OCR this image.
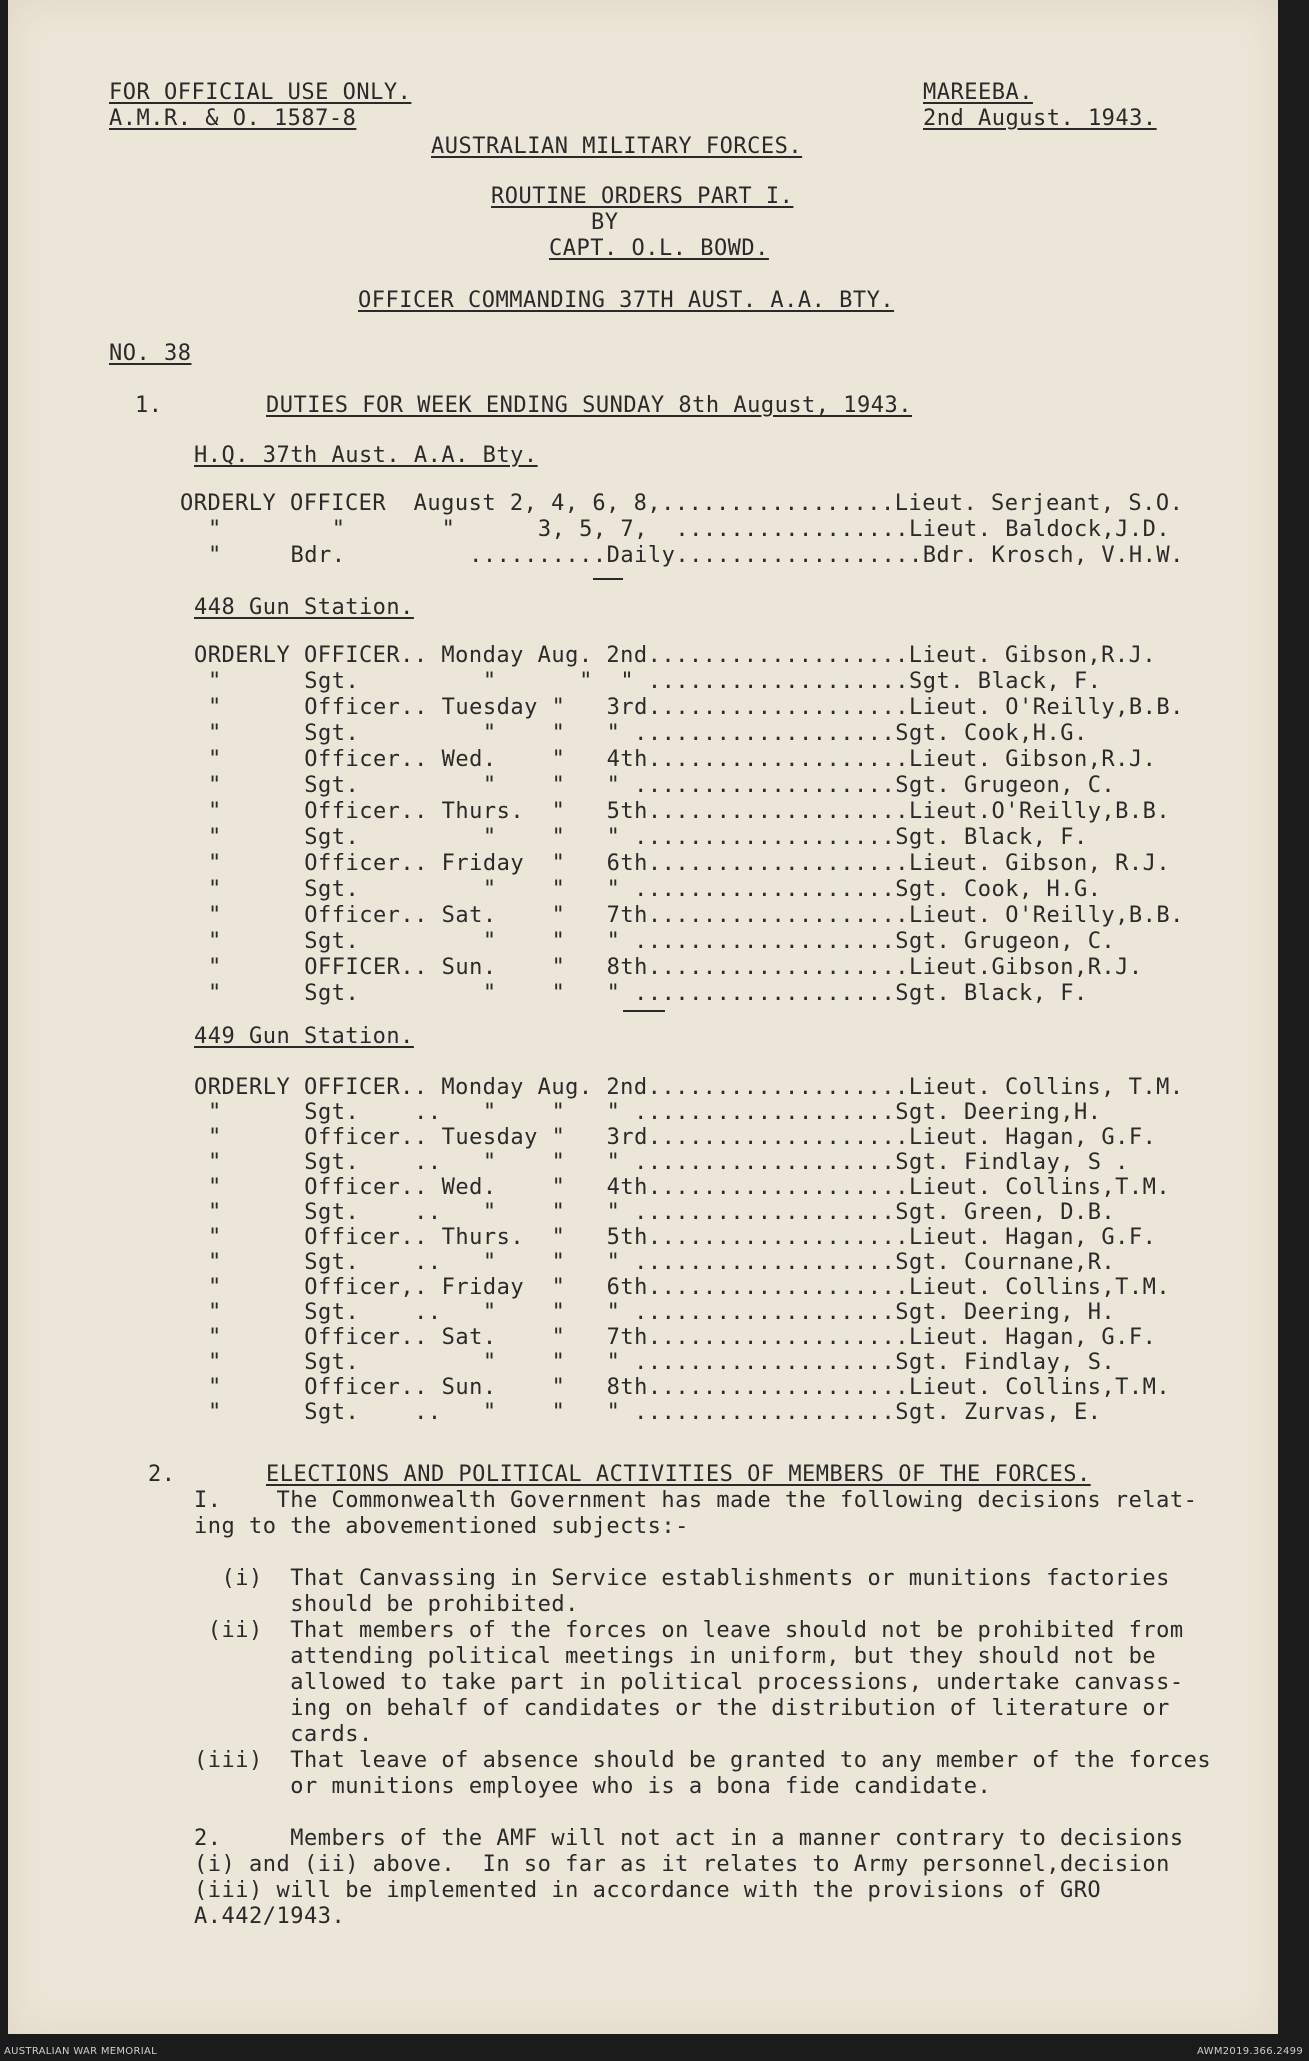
FOR OFFICIAL USE ONLY.
A.M.R. & O. 1587-8
MAREEBA.
2nd August. 1943.
AUSTRALIAN MILITARY FORCES.
ROUTINE ORDERS PART I.
BY
CAPT. O.L. BOWD.
OFFICER COMMANDING 37TH AUST. A.A. BTY.
NO. 38
1.	DUTIES FOR WEEK ENDING SUNDAY 8th August, 1943.
H.Q. 37th Aust. A.A. Bty.
ORDERLY OFFICER  August 2, 4, 6, 8,.................Lieut. Serjeant, S.O.
"        "       "      3, 5, 7,  .................Lieut. Baldock,J.D.
"     Bdr.         ..........Daily..................Bdr. Krosch, V.H.W.
448 Gun Station.
ORDERLY OFFICER.. Monday Aug. 2nd...................Lieut. Gibson,R.J.
"      Sgt.         "      "  " ...................Sgt. Black, F.
"      Officer.. Tuesday "   3rd...................Lieut. O'Reilly,B.B.
"      Sgt.         "    "   " ...................Sgt. Cook,H.G.
"      Officer.. Wed.    "   4th...................Lieut. Gibson,R.J.
"      Sgt.         "    "   " ...................Sgt. Grugeon, C.
"      Officer.. Thurs.  "   5th...................Lieut.O'Reilly,B.B.
"      Sgt.         "    "   " ...................Sgt. Black, F.
"      Officer.. Friday  "   6th...................Lieut. Gibson, R.J.
"      Sgt.         "    "   " ...................Sgt. Cook, H.G.
"      Officer.. Sat.    "   7th...................Lieut. O'Reilly,B.B.
"      Sgt.         "    "   " ...................Sgt. Grugeon, C.
"      OFFICER.. Sun.    "   8th...................Lieut.Gibson,R.J.
"      Sgt.         "    "   " ...................Sgt. Black, F.
449 Gun Station.
ORDERLY OFFICER.. Monday Aug. 2nd...................Lieut. Collins, T.M.
"      Sgt.    ..   "    "   " ...................Sgt. Deering,H.
"      Officer.. Tuesday "   3rd...................Lieut. Hagan, G.F.
"      Sgt.    ..   "    "   " ...................Sgt. Findlay, S .
"      Officer.. Wed.    "   4th...................Lieut. Collins,T.M.
"      Sgt.    ..   "    "   " ...................Sgt. Green, D.B.
"      Officer.. Thurs.  "   5th...................Lieut. Hagan, G.F.
"      Sgt.    ..   "    "   " ...................Sgt. Cournane,R.
"      Officer,. Friday  "   6th...................Lieut. Collins,T.M.
"      Sgt.    ..   "    "   " ...................Sgt. Deering, H.
"      Officer.. Sat.    "   7th...................Lieut. Hagan, G.F.
"      Sgt.         "    "   " ...................Sgt. Findlay, S.
"      Officer.. Sun.    "   8th...................Lieut. Collins,T.M.
"      Sgt.    ..   "    "   " ...................Sgt. Zurvas, E.
2.	ELECTIONS AND POLITICAL ACTIVITIES OF MEMBERS OF THE FORCES.
I.    The Commonwealth Government has made the following decisions relat-
ing to the abovementioned subjects:-
(i)  That Canvassing in Service establishments or munitions factories
should be prohibited.
(ii)  That members of the forces on leave should not be prohibited from
attending political meetings in uniform, but they should not be
allowed to take part in political processions, undertake canvass-
ing on behalf of candidates or the distribution of literature or
cards.
(iii)  That leave of absence should be granted to any member of the forces
or munitions employee who is a bona fide candidate.
2.     Members of the AMF will not act in a manner contrary to decisions
(i) and (ii) above.  In so far as it relates to Army personnel,decision
(iii) will be implemented in accordance with the provisions of GRO
A.442/1943.
AUSTRALIAN WAR MEMORIAL	AWM2019.366.2499
